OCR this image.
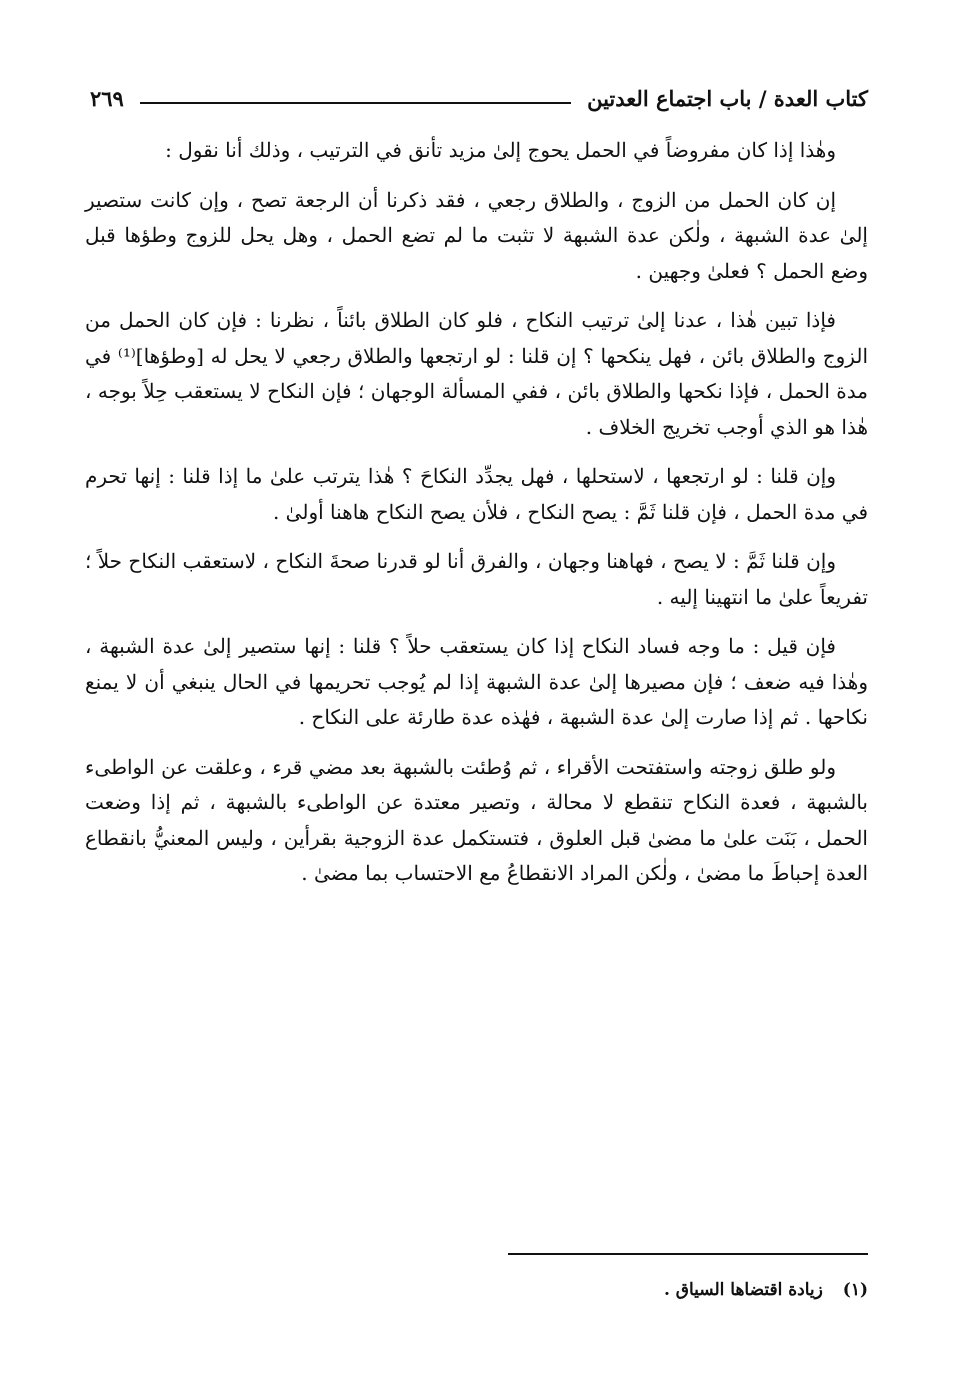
كتاب العدة / باب اجتماع العدتين
٢٦٩

وهٰذا إذا كان مفروضاً في الحمل يحوج إلىٰ مزيد تأنق في الترتيب ، وذلك أنا نقول :

إن كان الحمل من الزوج ، والطلاق رجعي ، فقد ذكرنا أن الرجعة تصح ، وإن كانت ستصير إلىٰ عدة الشبهة ، ولٰكن عدة الشبهة لا تثبت ما لم تضع الحمل ، وهل يحل للزوج وطؤها قبل وضع الحمل ؟ فعلىٰ وجهين .

فإذا تبين هٰذا ، عدنا إلىٰ ترتيب النكاح ، فلو كان الطلاق بائناً ، نظرنا : فإن كان الحمل من الزوج والطلاق بائن ، فهل ينكحها ؟ إن قلنا : لو ارتجعها والطلاق رجعي لا يحل له [وطؤها]⁽¹⁾ في مدة الحمل ، فإذا نكحها والطلاق بائن ، ففي المسألة الوجهان ؛ فإن النكاح لا يستعقب حِلاً بوجه ، هٰذا هو الذي أوجب تخريج الخلاف .

وإن قلنا : لو ارتجعها ، لاستحلها ، فهل يجدِّد النكاحَ ؟ هٰذا يترتب علىٰ ما إذا قلنا : إنها تحرم في مدة الحمل ، فإن قلنا ثَمَّ : يصح النكاح ، فلأن يصح النكاح هاهنا أولىٰ .

وإن قلنا ثَمَّ : لا يصح ، فهاهنا وجهان ، والفرق أنا لو قدرنا صحةَ النكاح ، لاستعقب النكاح حلاً ؛ تفريعاً علىٰ ما انتهينا إليه .

فإن قيل : ما وجه فساد النكاح إذا كان يستعقب حلاً ؟ قلنا : إنها ستصير إلىٰ عدة الشبهة ، وهٰذا فيه ضعف ؛ فإن مصيرها إلىٰ عدة الشبهة إذا لم يُوجب تحريمها في الحال ينبغي أن لا يمنع نكاحها . ثم إذا صارت إلىٰ عدة الشبهة ، فهٰذه عدة طارئة على النكاح .

ولو طلق زوجته واستفتحت الأقراء ، ثم وُطئت بالشبهة بعد مضي قرء ، وعلقت عن الواطىء بالشبهة ، فعدة النكاح تنقطع لا محالة ، وتصير معتدة عن الواطىء بالشبهة ، ثم إذا وضعت الحمل ، بَنَت علىٰ ما مضىٰ قبل العلوق ، فتستكمل عدة الزوجية بقرأين ، وليس المعنيُّ بانقطاع العدة إحباطَ ما مضىٰ ، ولٰكن المراد الانقطاعُ مع الاحتساب بما مضىٰ .

(١) زيادة اقتضاها السياق .
